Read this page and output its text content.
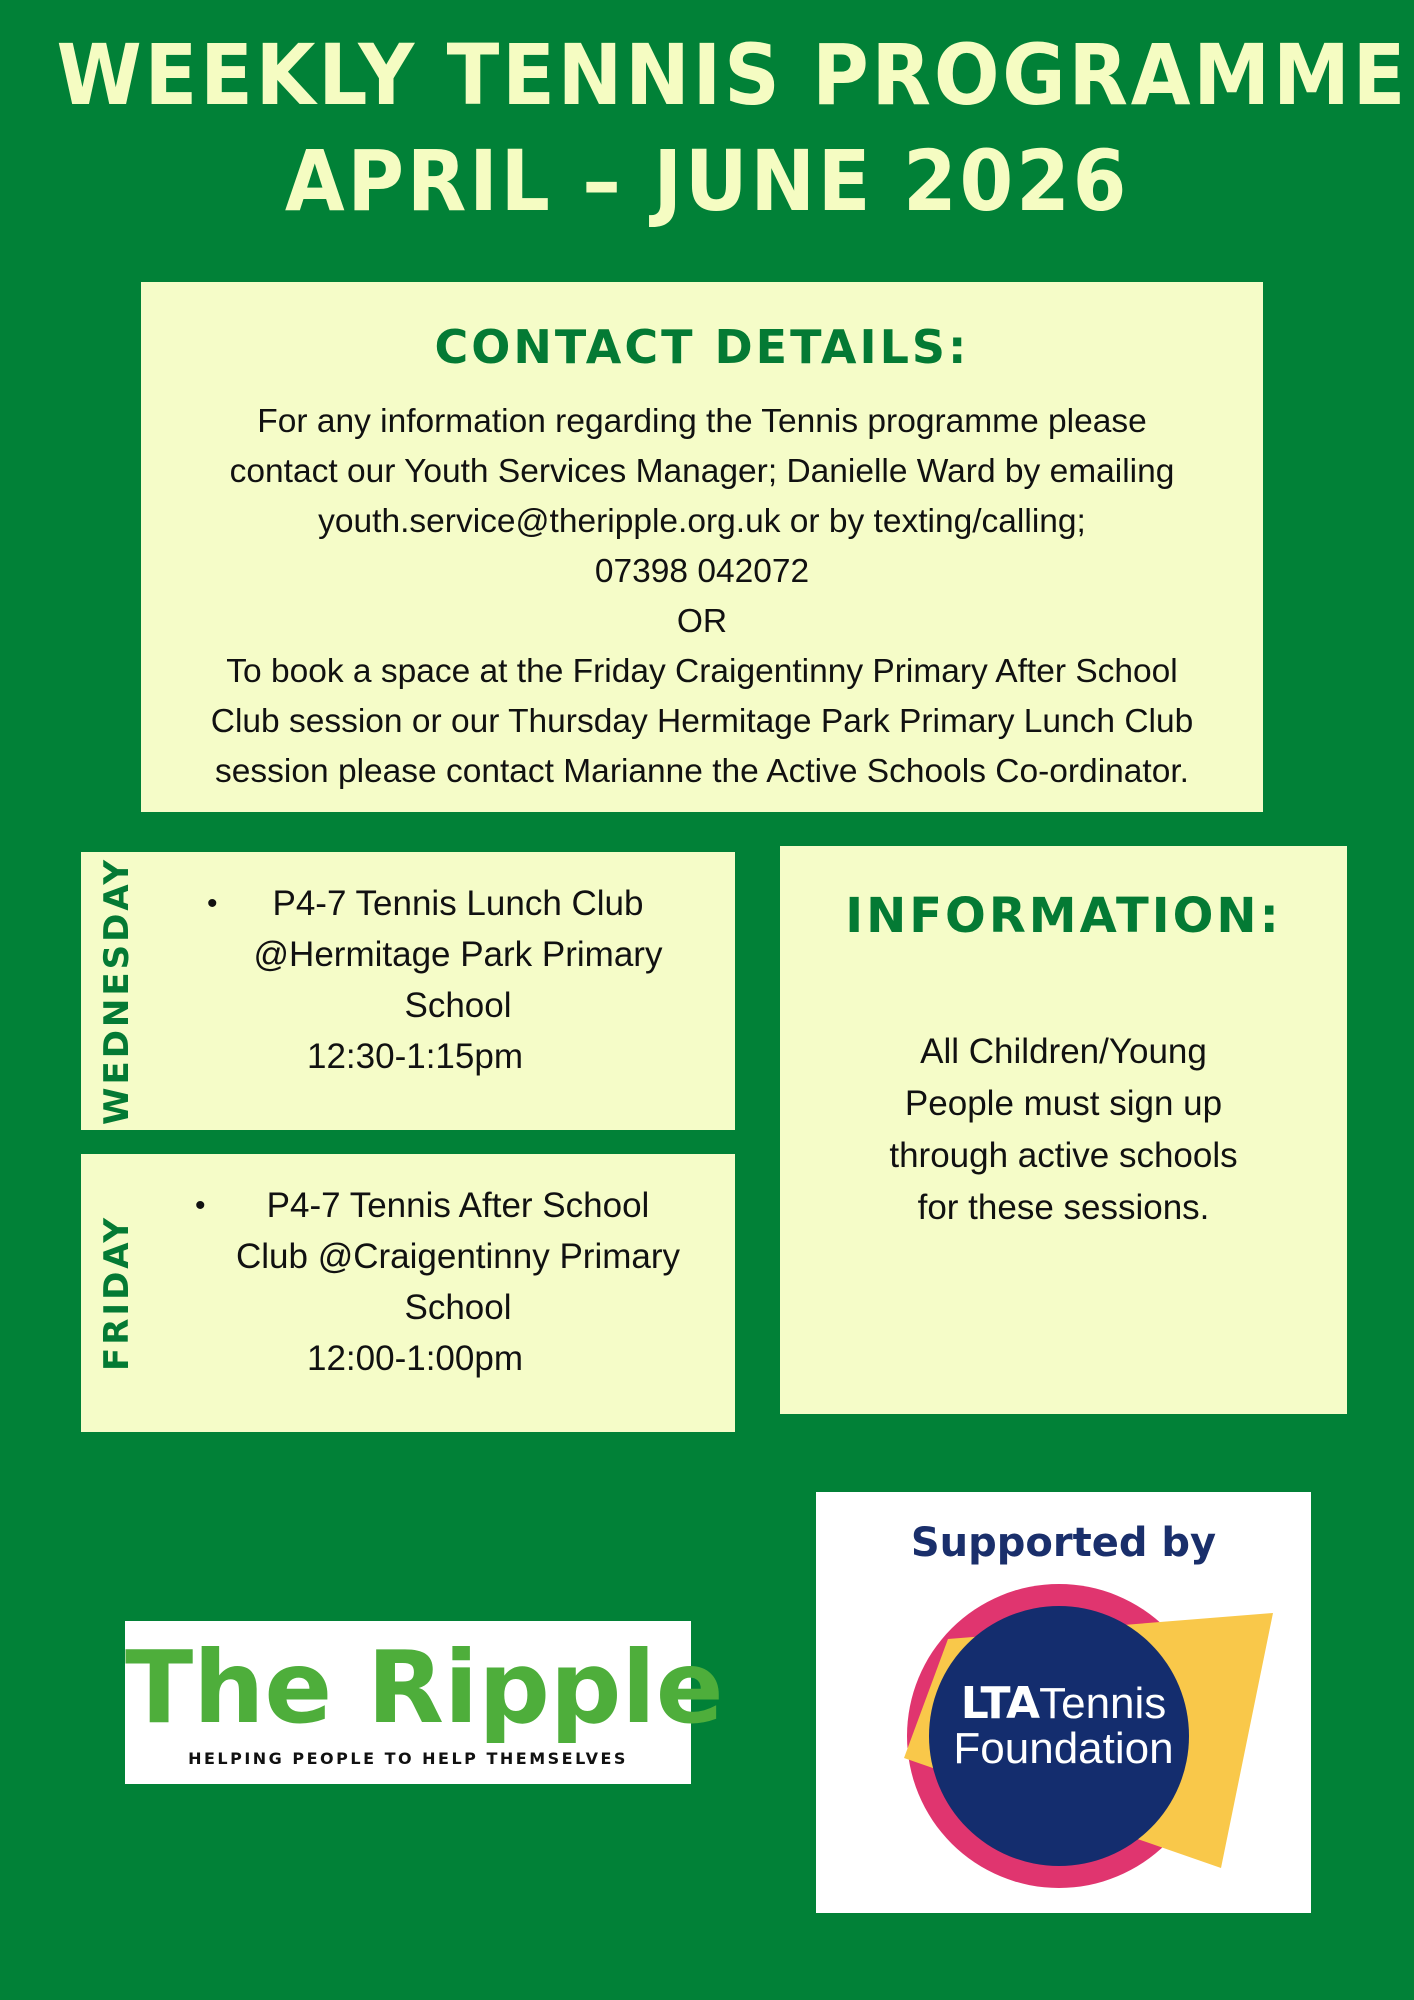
WEEKLY TENNIS PROGRAMME
APRIL – JUNE 2026
CONTACT DETAILS:
For any information regarding the Tennis programme please
contact our Youth Services Manager; Danielle Ward by emailing
youth.service@theripple.org.uk or by texting/calling;
07398 042072
OR
To book a space at the Friday Craigentinny Primary After School
Club session or our Thursday Hermitage Park Primary Lunch Club
session please contact Marianne the Active Schools Co-ordinator.
WEDNESDAY • P4-7 Tennis Lunch Club
@Hermitage Park Primary
School
12:30-1:15pm
FRIDAY
• P4-7 Tennis After School
Club @Craigentinny Primary
School
12:00-1:00pm
INFORMATION:
All Children/Young
People must sign up
through active schools
for these sessions.
The Ripple
HELPING PEOPLE TO HELP THEMSELVES
Supported by
LTATennis
Foundation
